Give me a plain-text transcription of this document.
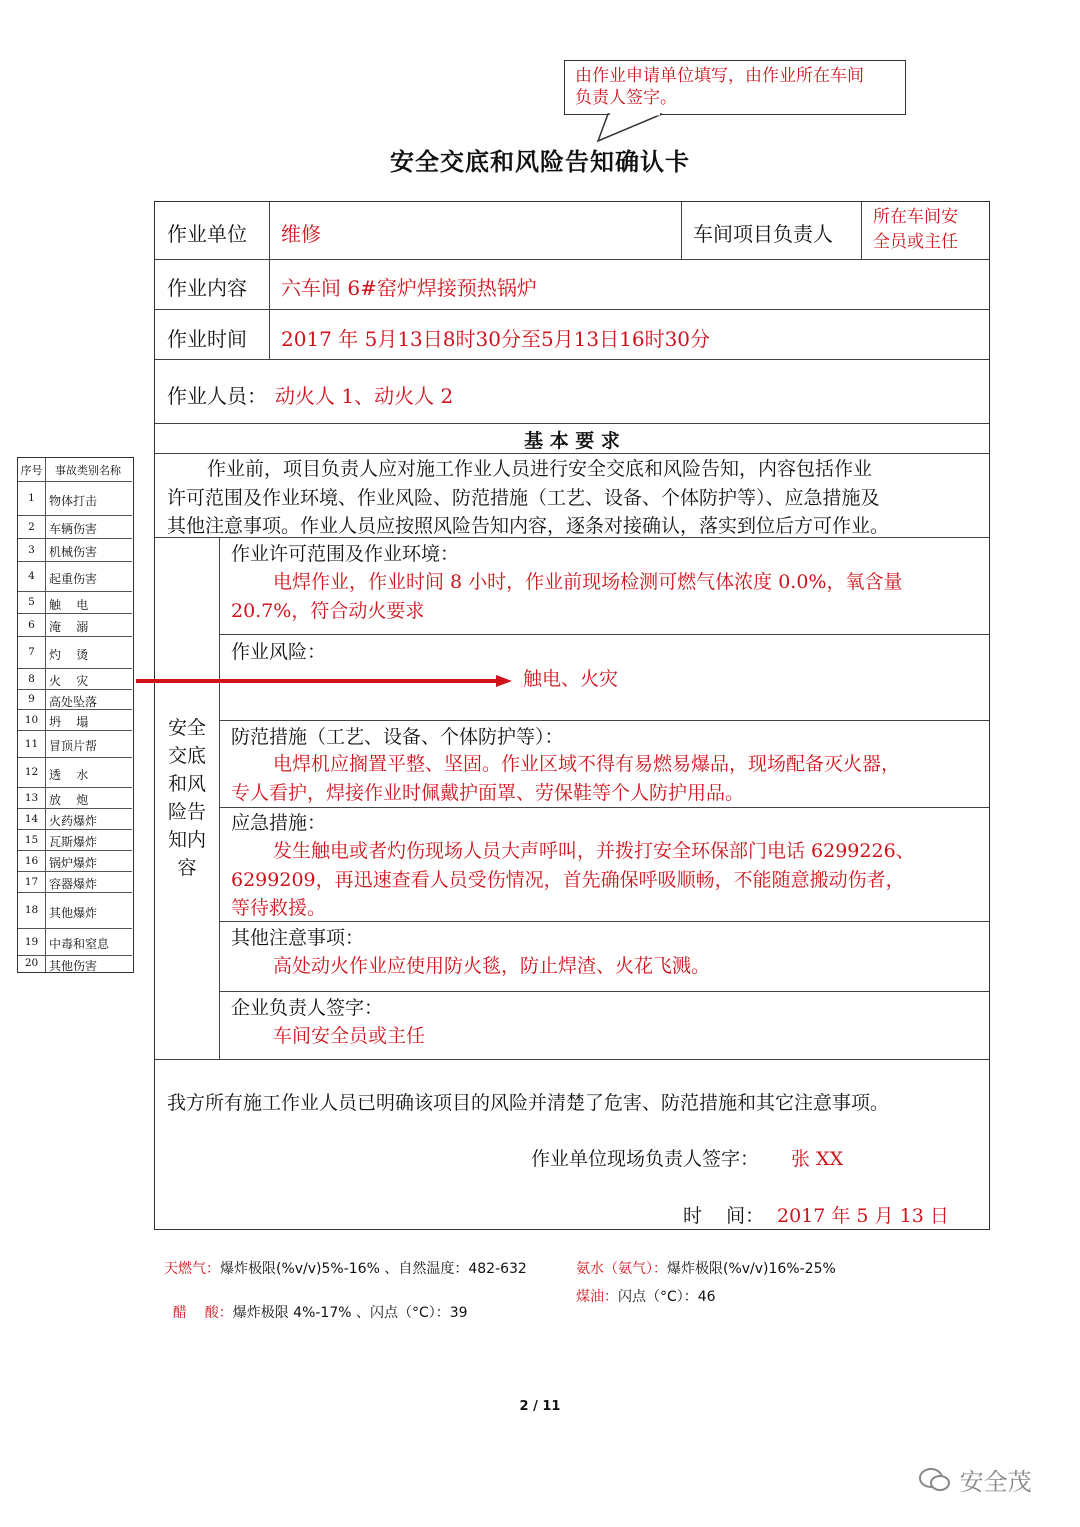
由作业申请单位填写，由作业所在车间
负责人签字。
安全交底和风险告知确认卡
作业单位 维修	车间项目负责人
所在车间安
全员或主任
作业内容 六车间 6#窑炉焊接预热锅炉
作业时间 2017 年 5月13日8时30分至5月13日16时30分
作业人员： 动火人 1、动火人 2
基 本 要 求
作业前，项目负责人应对施工作业人员进行安全交底和风险告知，内容包括作业
许可范围及作业环境、作业风险、防范措施（工艺、设备、个体防护等）、应急措施及
其他注意事项。作业人员应按照风险告知内容，逐条对接确认，落实到位后方可作业。
安全
交底
和风
险告
知内
容
作业许可范围及作业环境：
电焊作业，作业时间 8 小时，作业前现场检测可燃气体浓度 0.0%，氧含量
20.7%，符合动火要求
作业风险：
触电、火灾
防范措施（工艺、设备、个体防护等）：
电焊机应搁置平整、坚固。作业区域不得有易燃易爆品，现场配备灭火器，
专人看护，焊接作业时佩戴护面罩、劳保鞋等个人防护用品。
应急措施：
发生触电或者灼伤现场人员大声呼叫，并拨打安全环保部门电话 6299226、
6299209，再迅速查看人员受伤情况，首先确保呼吸顺畅，不能随意搬动伤者，
等待救援。
其他注意事项：
高处动火作业应使用防火毯，防止焊渣、火花飞溅。
企业负责人签字：
车间安全员或主任
我方所有施工作业人员已明确该项目的风险并清楚了危害、防范措施和其它注意事项。
作业单位现场负责人签字： 张 XX
时    间： 2017 年 5 月 13 日
序号 事故类别名称
1	物体打击
2	车辆伤害
3	机械伤害
4	起重伤害
5	触    电
6	淹    溺
7	灼    烫
8	火    灾
9	高处坠落
10 坍    塌
11 冒顶片帮
12 透    水
13 放    炮
14 火药爆炸
15 瓦斯爆炸
16 锅炉爆炸
17 容器爆炸
18 其他爆炸
19 中毒和窒息
20 其他伤害
天燃气：爆炸极限(%v/v)5%-16% 、自然温度：482-632	氨水（氨气）：爆炸极限(%v/v)16%-25%

醋    酸：爆炸极限 4%-17% 、闪点（°C）：39

煤油：闪点（°C）：46
2 / 11
安全茂
